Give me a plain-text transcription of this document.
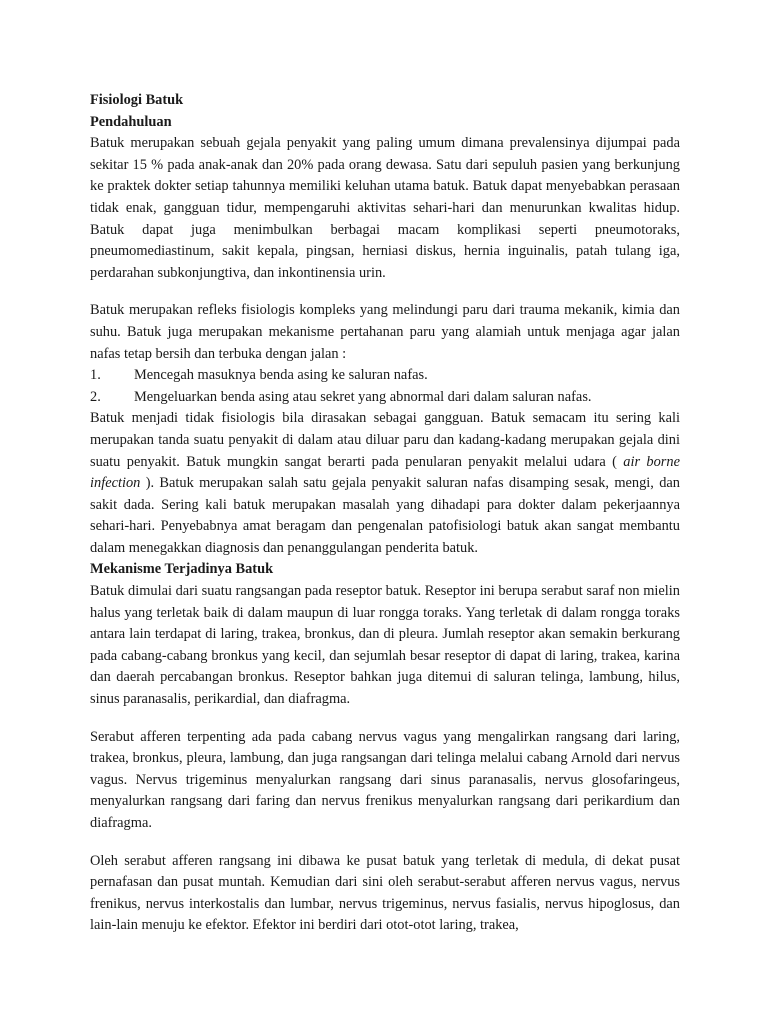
Fisiologi Batuk
Pendahuluan

Batuk merupakan sebuah gejala penyakit yang paling umum dimana prevalensinya dijumpai pada sekitar 15 % pada anak-anak dan 20% pada orang dewasa. Satu dari sepuluh pasien yang berkunjung ke praktek dokter setiap tahunnya memiliki keluhan utama batuk. Batuk dapat menyebabkan perasaan tidak enak, gangguan tidur, mempengaruhi aktivitas sehari-hari dan menurunkan kwalitas hidup. Batuk dapat juga menimbulkan berbagai macam komplikasi seperti pneumotoraks, pneumomediastinum, sakit kepala, pingsan, herniasi diskus, hernia inguinalis, patah tulang iga, perdarahan subkonjungtiva, dan inkontinensia urin.

Batuk merupakan refleks fisiologis kompleks yang melindungi paru dari trauma mekanik, kimia dan suhu. Batuk juga merupakan mekanisme pertahanan paru yang alamiah untuk menjaga agar jalan nafas tetap bersih dan terbuka dengan jalan :

1.	Mencegah masuknya benda asing ke saluran nafas.
2.	Mengeluarkan benda asing atau sekret yang abnormal dari dalam saluran nafas.

Batuk menjadi tidak fisiologis bila dirasakan sebagai gangguan. Batuk semacam itu sering kali merupakan tanda suatu penyakit di dalam atau diluar paru dan kadang-kadang merupakan gejala dini suatu penyakit. Batuk mungkin sangat berarti pada penularan penyakit melalui udara ( air borne infection ). Batuk merupakan salah satu gejala penyakit saluran nafas disamping sesak, mengi, dan sakit dada. Sering kali batuk merupakan masalah yang dihadapi para dokter dalam pekerjaannya sehari-hari. Penyebabnya amat beragam dan pengenalan patofisiologi batuk akan sangat membantu dalam menegakkan diagnosis dan penanggulangan penderita batuk.

Mekanisme Terjadinya Batuk

Batuk dimulai dari suatu rangsangan pada reseptor batuk. Reseptor ini berupa serabut saraf non mielin halus yang terletak baik di dalam maupun di luar rongga toraks. Yang terletak di dalam rongga toraks antara lain terdapat di laring, trakea, bronkus, dan di pleura. Jumlah reseptor akan semakin berkurang pada cabang-cabang bronkus yang kecil, dan sejumlah besar reseptor di dapat di laring, trakea, karina dan daerah percabangan bronkus. Reseptor bahkan juga ditemui di saluran telinga, lambung, hilus, sinus paranasalis, perikardial, dan diafragma.

Serabut afferen terpenting ada pada cabang nervus vagus yang mengalirkan rangsang dari laring, trakea, bronkus, pleura, lambung, dan juga rangsangan dari telinga melalui cabang Arnold dari nervus vagus. Nervus trigeminus menyalurkan rangsang dari sinus paranasalis, nervus glosofaringeus, menyalurkan rangsang dari faring dan nervus frenikus menyalurkan rangsang dari perikardium dan diafragma.

Oleh serabut afferen rangsang ini dibawa ke pusat batuk yang terletak di medula, di dekat pusat pernafasan dan pusat muntah. Kemudian dari sini oleh serabut-serabut afferen nervus vagus, nervus frenikus, nervus interkostalis dan lumbar, nervus trigeminus, nervus fasialis, nervus hipoglosus, dan lain-lain menuju ke efektor. Efektor ini berdiri dari otot-otot laring, trakea,
